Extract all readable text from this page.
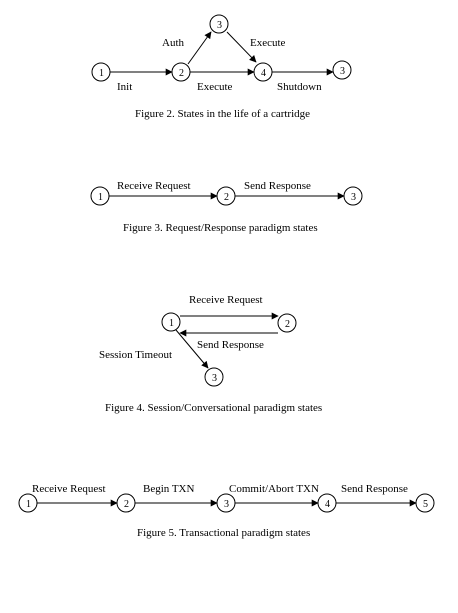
1	2
3
4	3
Init
Auth	Execute
Execute	Shutdown
Figure 2. States in the life of a cartridge
1	2	3
Receive Request	Send Response
Figure 3. Request/Response paradigm states
1	2
3
Receive Request
Send Response
Session Timeout
Figure 4. Session/Conversational paradigm states
1	2	3	4	5
Receive Request	Begin TXN	Commit/Abort TXN Send Response
Figure 5. Transactional paradigm states
